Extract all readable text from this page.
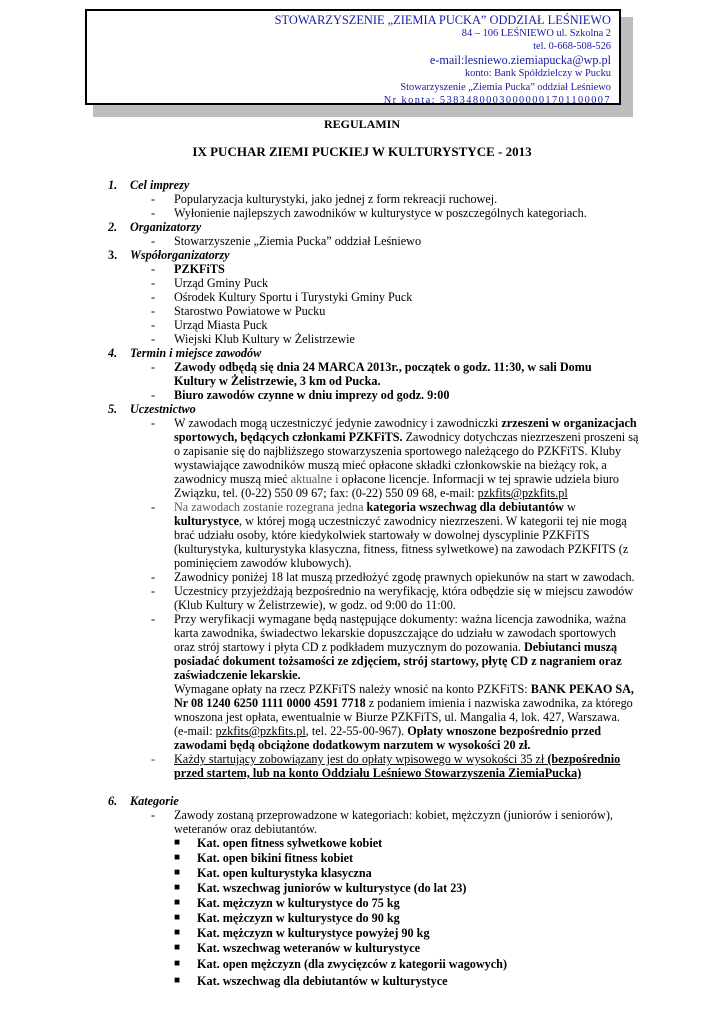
STOWARZYSZENIE „ZIEMIA PUCKA” ODDZIAŁ LEŚNIEWO
84 – 106 LEŚNIEWO ul. Szkolna 2
tel. 0-668-508-526
e-mail:lesniewo.ziemiapucka@wp.pl
konto: Bank Spółdzielczy w Pucku
Stowarzyszenie „Ziemia Pucka” oddział Leśniewo
Nr konta: 53834800030000001701100007
REGULAMIN
IX PUCHAR ZIEMI PUCKIEJ W KULTURYSTYCE - 2013
1. Cel imprezy
- Popularyzacja kulturystyki, jako jednej z form rekreacji ruchowej.
- Wyłonienie najlepszych zawodników w kulturystyce w poszczególnych kategoriach.
2. Organizatorzy
- Stowarzyszenie „Ziemia Pucka” oddział Leśniewo
3. Współorganizatorzy
- PZKFiTS
- Urząd Gminy Puck
- Ośrodek Kultury Sportu i Turystyki Gminy Puck
- Starostwo Powiatowe w Pucku
- Urząd Miasta Puck
- Wiejski Klub Kultury w Żelistrzewie
4. Termin i miejsce zawodów
- Zawody odbędą się dnia 24 MARCA 2013r., początek o godz. 11:30, w sali Domu
Kultury w Żelistrzewie, 3 km od Pucka.
- Biuro zawodów czynne w dniu imprezy od godz. 9:00
5. Uczestnictwo
- W zawodach mogą uczestniczyć jedynie zawodnicy i zawodniczki zrzeszeni w organizacjach
sportowych, będących członkami PZKFiTS. Zawodnicy dotychczas niezrzeszeni proszeni są
o zapisanie się do najbliższego stowarzyszenia sportowego należącego do PZKFiTS. Kluby
wystawiające zawodników muszą mieć opłacone składki członkowskie na bieżący rok, a
zawodnicy muszą mieć aktualne i opłacone licencje. Informacji w tej sprawie udziela biuro
Związku, tel. (0-22) 550 09 67; fax: (0-22) 550 09 68, e-mail: pzkfits@pzkfits.pl
- Na zawodach zostanie rozegrana jedna kategoria wszechwag dla debiutantów w
kulturystyce, w której mogą uczestniczyć zawodnicy niezrzeszeni. W kategorii tej nie mogą
brać udziału osoby, które kiedykolwiek startowały w dowolnej dyscyplinie PZKFiTS
(kulturystyka, kulturystyka klasyczna, fitness, fitness sylwetkowe) na zawodach PZKFITS (z
pominięciem zawodów klubowych).
- Zawodnicy poniżej 18 lat muszą przedłożyć zgodę prawnych opiekunów na start w zawodach.
- Uczestnicy przyjeżdżają bezpośrednio na weryfikację, która odbędzie się w miejscu zawodów
(Klub Kultury w Żelistrzewie), w godz. od 9:00 do 11:00.
- Przy weryfikacji wymagane będą następujące dokumenty: ważna licencja zawodnika, ważna
karta zawodnika, świadectwo lekarskie dopuszczające do udziału w zawodach sportowych
oraz strój startowy i płyta CD z podkładem muzycznym do pozowania. Debiutanci muszą
posiadać dokument tożsamości ze zdjęciem, strój startowy, płytę CD z nagraniem oraz
zaświadczenie lekarskie.
Wymagane opłaty na rzecz PZKFiTS należy wnosić na konto PZKFiTS: BANK PEKAO SA,
Nr 08 1240 6250 1111 0000 4591 7718 z podaniem imienia i nazwiska zawodnika, za którego
wnoszona jest opłata, ewentualnie w Biurze PZKFiTS, ul. Mangalia 4, lok. 427, Warszawa.
(e-mail: pzkfits@pzkfits.pl, tel. 22-55-00-967). Opłaty wnoszone bezpośrednio przed
zawodami będą obciążone dodatkowym narzutem w wysokości 20 zł.
- Każdy startujący zobowiązany jest do opłaty wpisowego w wysokości 35 zł (bezpośrednio
przed startem, lub na konto Oddziału Leśniewo Stowarzyszenia ZiemiaPucka)
6. Kategorie
- Zawody zostaną przeprowadzone w kategoriach: kobiet, mężczyzn (juniorów i seniorów),
weteranów oraz debiutantów.
■ Kat. open fitness sylwetkowe kobiet
■ Kat. open bikini fitness kobiet
■ Kat. open kulturystyka klasyczna
■ Kat. wszechwag juniorów w kulturystyce (do lat 23)
■ Kat. mężczyzn w kulturystyce do 75 kg
■ Kat. mężczyzn w kulturystyce do 90 kg
■ Kat. mężczyzn w kulturystyce powyżej 90 kg
■ Kat. wszechwag weteranów w kulturystyce
■ Kat. open mężczyzn (dla zwycięzców z kategorii wagowych)
■ Kat. wszechwag dla debiutantów w kulturystyce
